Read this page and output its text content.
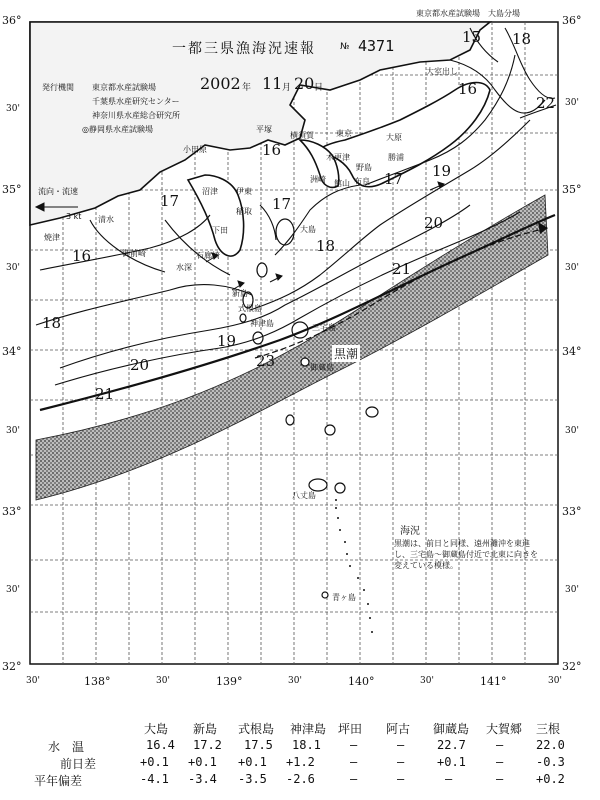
東京都水産試験場　大島分場
一都三県漁海況速報	№ 4371
2002 年 11 月 20 日
発行機関 東京都水産試験場
千葉県水産研究センター
神奈川県水産総合研究所
◎静岡県水産試験場
流向・流速
3 kt
黒潮
海況
黒潮は、前日と同様、遠州灘沖を東進し、三宅島～御蔵島付近で北東に向きを変えている模様。
15 18
16
22
16
17
17
19
20
17
18
21
16
18
19
23
20
21
小田原
平塚
横須賀	東京
木更津
館山
大原
勝浦
野島
洲崎
伊東
稲取
下田
石廊崎
沼津
清水
焼津
御前崎
新島
式根島
神津島	三宅島
御蔵島
大島
八丈島
青ヶ島
大室出し
水深
布良
36°
30'
35°
30'
34°
30'
33°
30'
32°
36°
30'
35°
30'
34°
30'
33°
30'
32°
30'	138°	30'	139°	30'	140°	30'	141°	30'
大島 新島 式根島 神津島 坪田 阿古 御蔵島 大賀郷 三根
水　温	16.4 17.2 17.5 18.1 —	—	22.7	—	22.0
前日差	+0.1 +0.1 +0.1 +1.2	—	—	+0.1	—	-0.3
平年偏差	-4.1 -3.4 -3.5 -2.6	—	—	—	—	+0.2
